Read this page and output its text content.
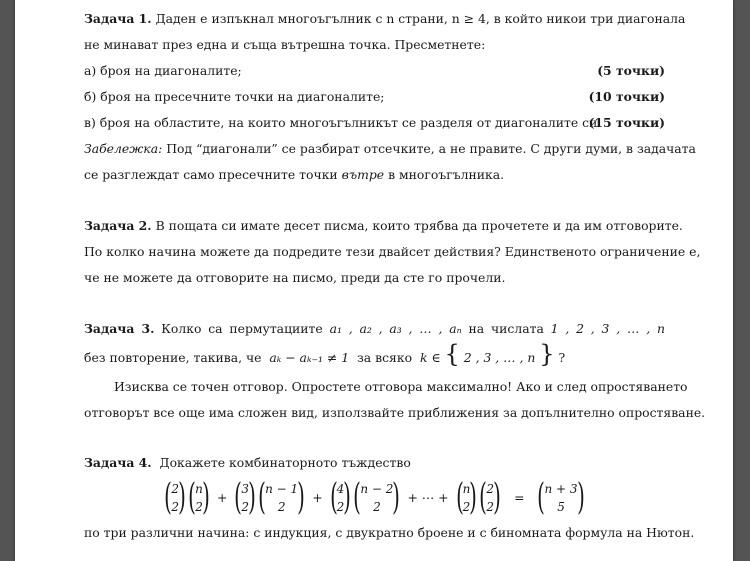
Задача 1. Даден е изпъкнал многоъгълник с n страни, n ≥ 4, в който никои три диагонала
не минават през една и съща вътрешна точка. Пресметнете:
а) броя на диагоналите;	(5 точки)
б) броя на пресечните точки на диагоналите;	(10 точки)
в) броя на областите, на които многоъгълникът се разделя от диагоналите си.
(15 точки)
Забележка: Под “диагонали” се разбират отсечките, а не правите. С други думи, в задачата
се разглеждат само пресечните точки вътре в многоъгълника.
Задача 2. В пощата си имате десет писма, които трябва да прочетете и да им отговорите.
По колко начина можете да подредите тези двайсет действия? Единственото ограничение е,
че не можете да отговорите на писмо, преди да сте го прочели.
Задача 3. Колко са пермутациите a₁ , a₂ , a₃ , … , aₙ на числата 1 , 2 , 3 , … , n
без повторение, такива, че aₖ − aₖ₋₁ ≠ 1 за всяко k ∈ { 2 , 3 , … , n } ?
Изисква се точен отговор. Опростете отговора максимално! Ако и след опростяването
отговорът все още има сложен вид, използвайте приближения за допълнително опростяване.
Задача 4. Докажете комбинаторното тъждество
( 2
2 ) ( n
2 ) + ( 3
2 ) ( n − 1
2 ) + ( 4
2 ) ( n − 2
2 ) + ⋯ + ( n
2 ) ( 2
2 ) = ( n + 3
5 )
по три различни начина: с индукция, с двукратно броене и с биномната формула на Нютон.
